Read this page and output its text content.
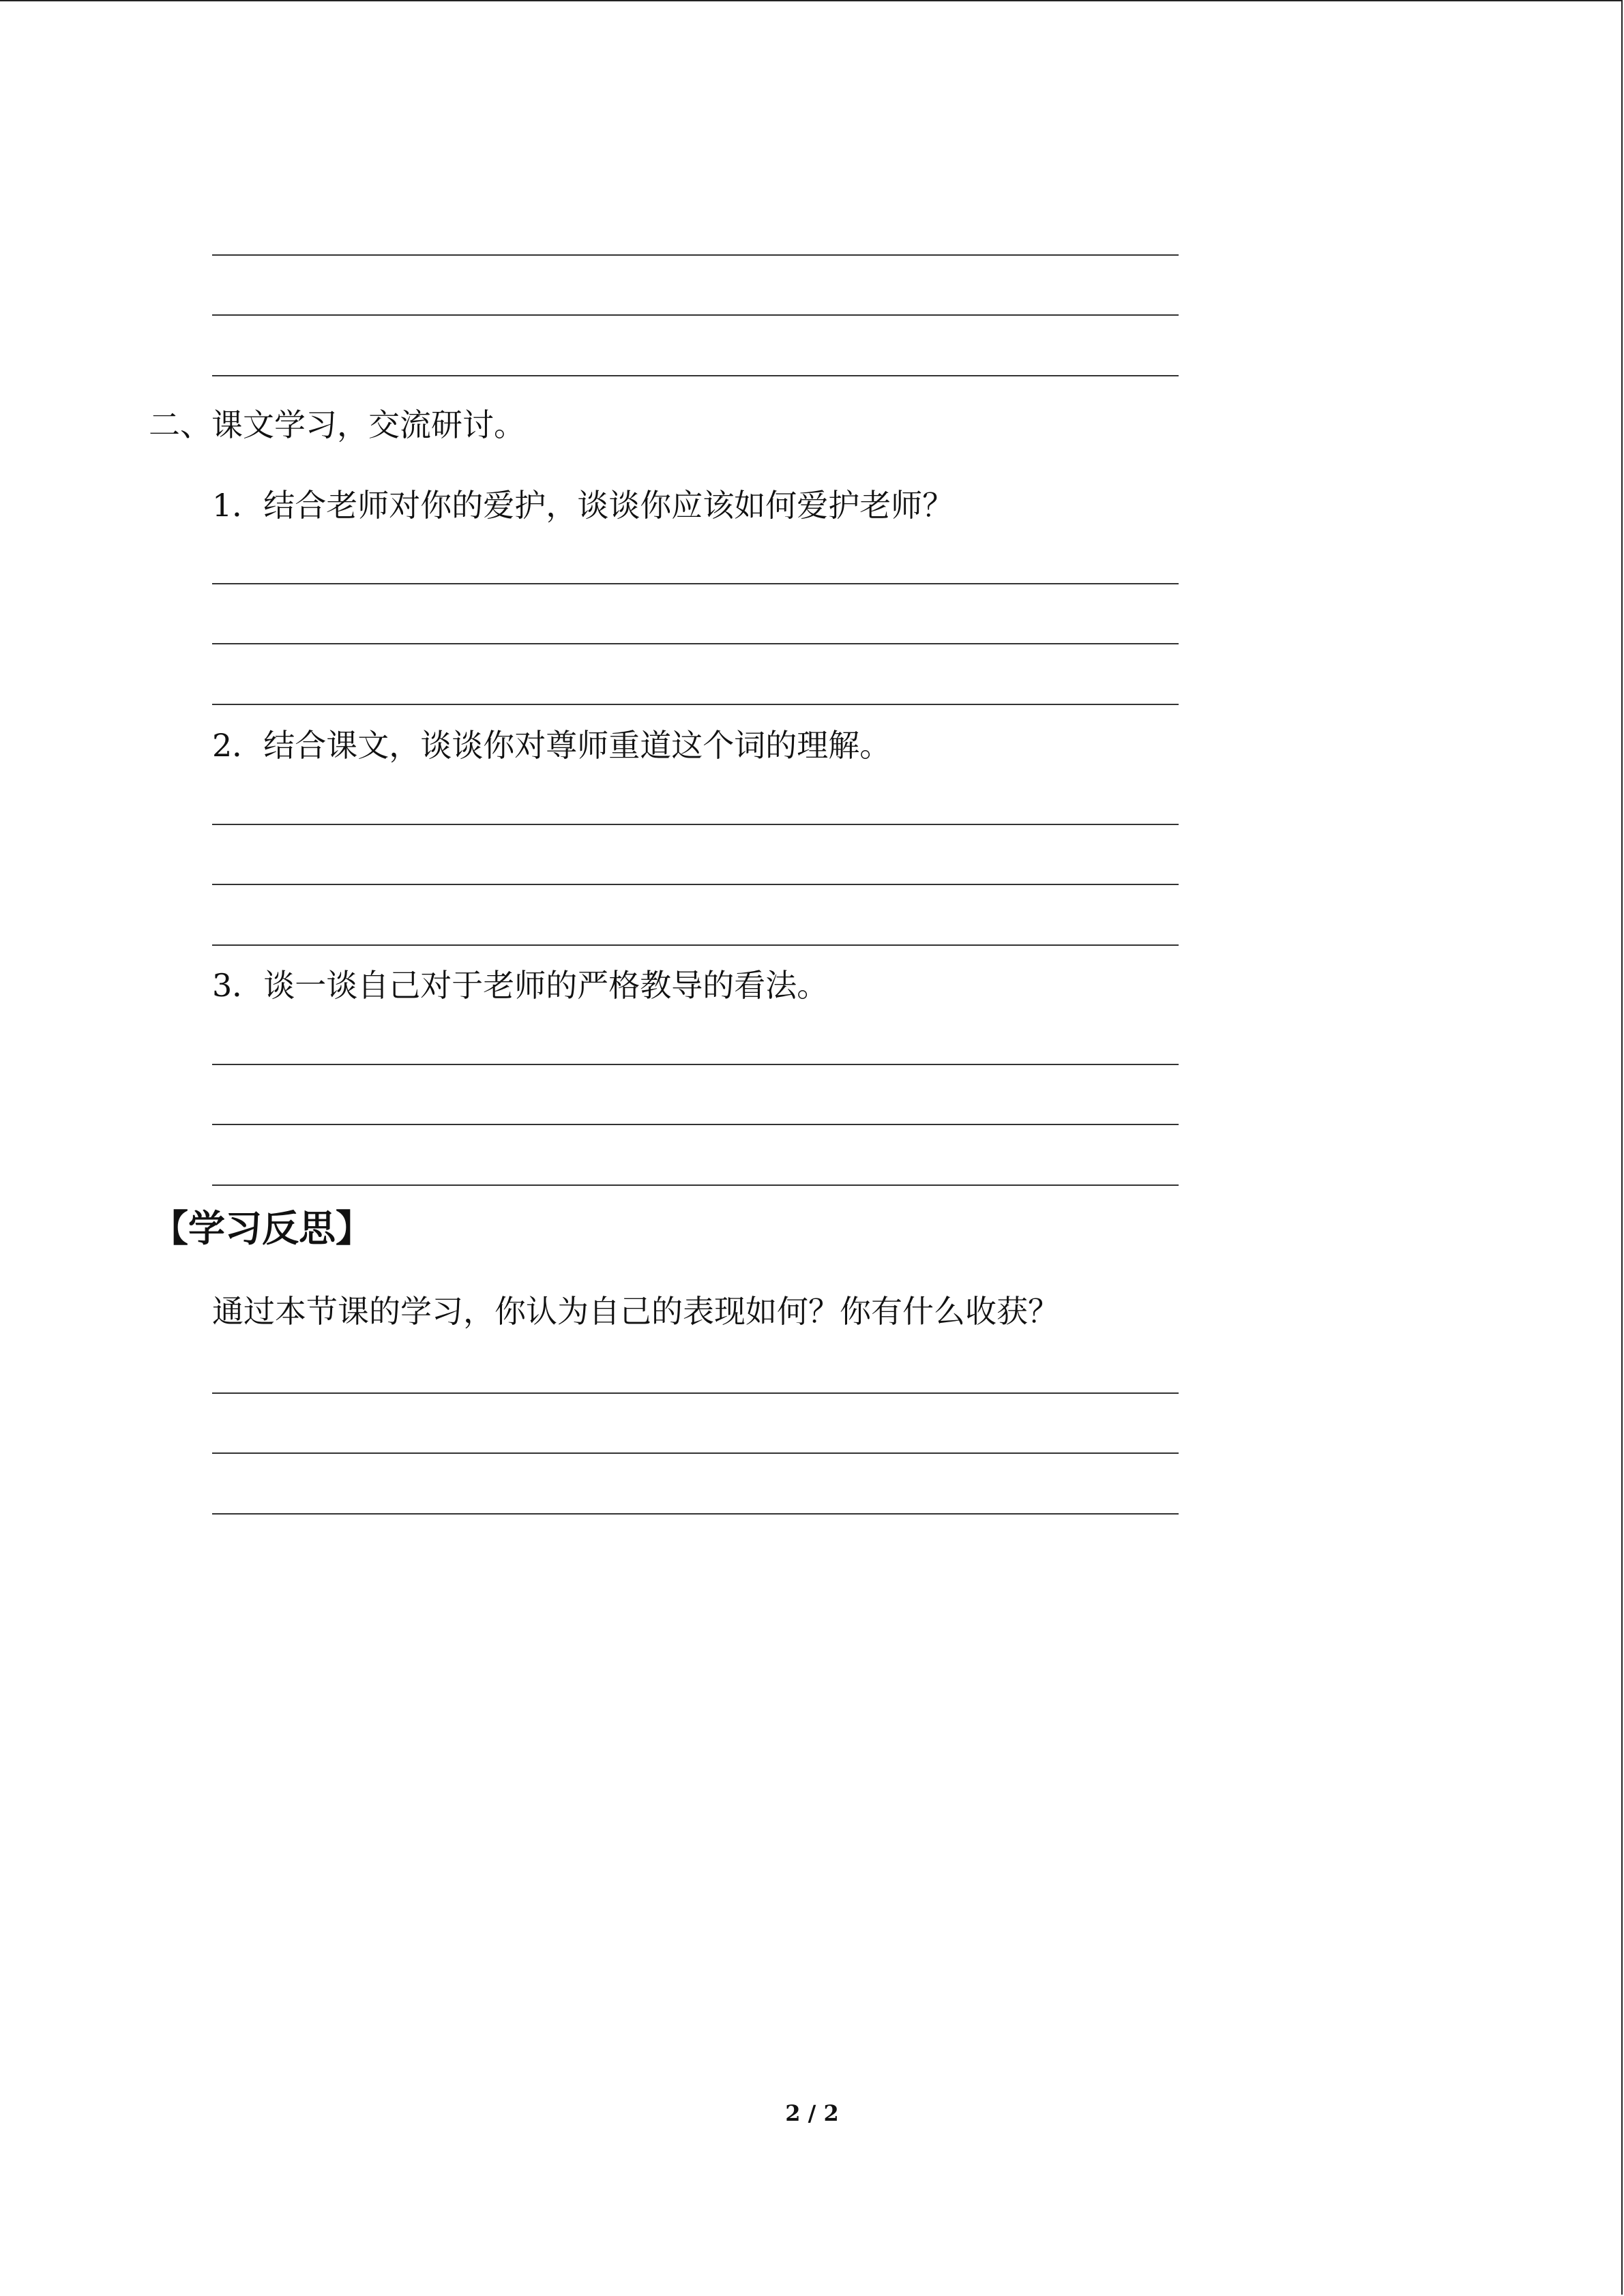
二、课文学习，交流研讨。
1．结合老师对你的爱护，谈谈你应该如何爱护老师？
2．结合课文，谈谈你对尊师重道这个词的理解。
3．谈一谈自己对于老师的严格教导的看法。
【学习反思】
通过本节课的学习，你认为自己的表现如何？你有什么收获？
2 / 2
